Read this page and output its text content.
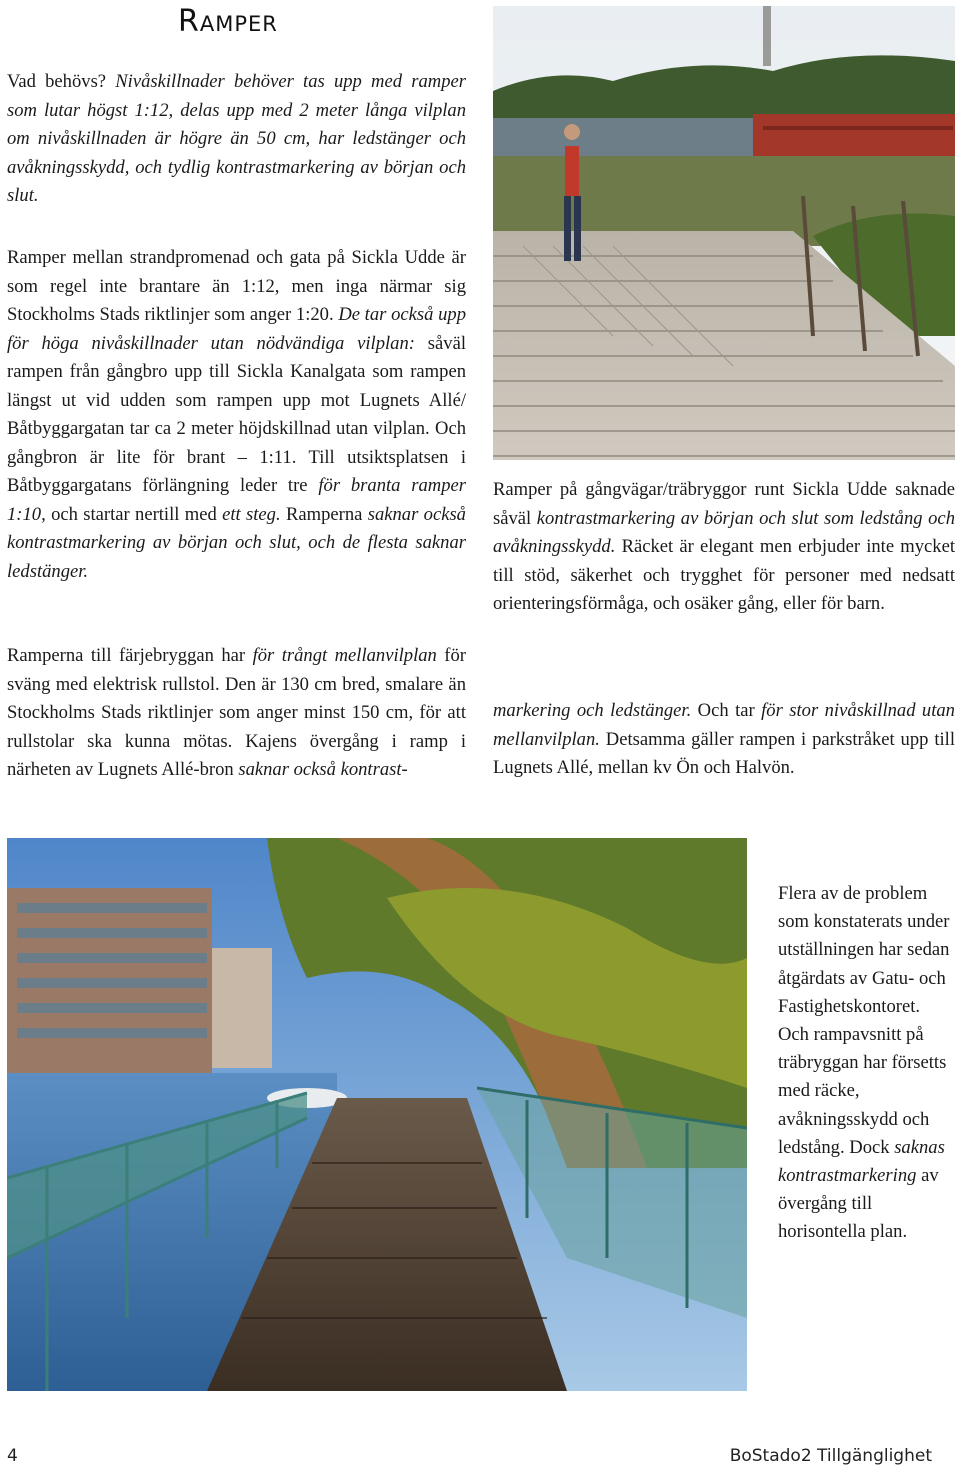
Ramper
Vad behövs? Nivåskillnader behöver tas upp med ramper som lutar högst 1:12, delas upp med 2 meter långa vilplan om nivåskillnaden är högre än 50 cm, har ledstänger och avåkningsskydd, och tydlig kontrastmarkering av början och slut.
Ramper mellan strandpromenad och gata på Sickla Udde är som regel inte brantare än 1:12, men inga närmar sig Stockholms Stads riktlinjer som anger 1:20. De tar också upp för höga nivåskillnader utan nödvändiga vilplan: såväl rampen från gångbro upp till Sickla Kanalgata som rampen längst ut vid udden som rampen upp mot Lugnets Allé/ Båtbyggargatan tar ca 2 meter höjdskillnad utan vilplan. Och gångbron är lite för brant – 1:11. Till utsiktsplatsen i Båtbyggargatans förlängning leder tre för branta ramper 1:10, och startar nertill med ett steg. Ramperna saknar också kontrastmarkering av början och slut, och de flesta saknar ledstänger.
Ramperna till färjebryggan har för trångt mellanvilplan för sväng med elektrisk rullstol. Den är 130 cm bred, smalare än Stockholms Stads riktlinjer som anger minst 150 cm, för att rullstolar ska kunna mötas. Kajens övergång i ramp i närheten av Lugnets Allé-bron saknar också kontrast-
Ramper på gångvägar/träbryggor runt Sickla Udde saknade såväl kontrastmarkering av början och slut som ledstång och avåkningsskydd. Räcket är elegant men erbjuder inte mycket till stöd, säkerhet och trygghet för personer med nedsatt orienteringsförmåga, och osäker gång, eller för barn.
markering och ledstänger. Och tar för stor nivåskillnad utan mellanvilplan. Detsamma gäller rampen i parkstråket upp till Lugnets Allé, mellan kv Ön och Halvön.
Flera av de problem som konstaterats under utställningen har sedan åtgärdats av Gatu- och Fastighetskontoret. Och rampavsnitt på träbryggan har försetts med räcke, avåkningsskydd och ledstång. Dock saknas kontrastmarkering av övergång till horisontella plan.
4	BoStado2 Tillgänglighet
